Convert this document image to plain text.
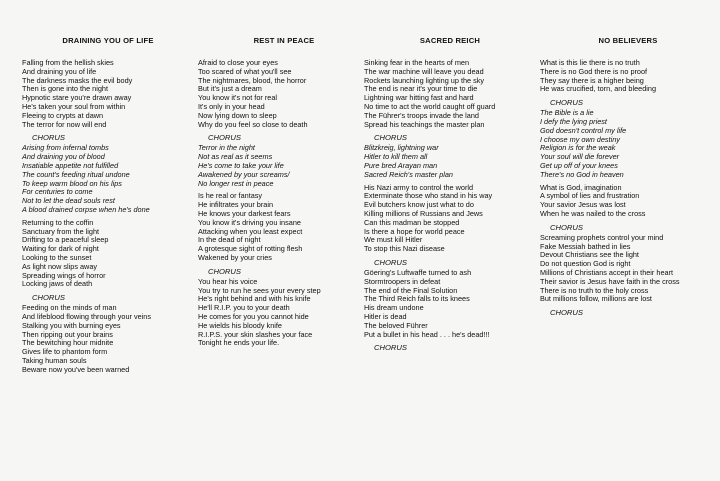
DRAINING YOU OF LIFE
Falling from the hellish skies
And draining you of life
The darkness masks the evil body
Then is gone into the night
Hypnotic stare you're drawn away
He's taken your soul from within
Fleeing to crypts at dawn
The terror for now will end
CHORUS
Arising from infernal tombs
And draining you of blood
Insatiable appetite not fulfilled
The count's feeding ritual undone
To keep warm blood on his lips
For centuries to come
Not to let the dead souls rest
A blood drained corpse when he's done
Returning to the coffin
Sanctuary from the light
Drifting to a peaceful sleep
Waiting for dark of night
Looking to the sunset
As light now slips away
Spreading wings of horror
Locking jaws of death
CHORUS
Feeding on the minds of man
And lifeblood flowing through your veins
Stalking you with burning eyes
Then ripping out your brains
The bewitching hour midnite
Gives life to phantom form
Taking human souls
Beware now you've been warned
REST IN PEACE
Afraid to close your eyes
Too scared of what you'll see
The nightmares, blood, the horror
But it's just a dream
You know it's not for real
It's only in your head
Now lying down to sleep
Why do you feel so close to death
CHORUS
Terror in the night
Not as real as it seems
He's come to take your life
Awakened by your screams/
No longer rest in peace
Is he real or fantasy
He infiltrates your brain
He knows your darkest fears
You know it's driving you insane
Attacking when you least expect
In the dead of night
A grotesque sight of rotting flesh
Wakened by your cries
CHORUS
You hear his voice
You try to run he sees your every step
He's right behind and with his knife
He'll R.I.P. you to your death
He comes for you you cannot hide
He wields his bloody knife
R.I.P.S. your skin slashes your face
Tonight he ends your life.
SACRED REICH
Sinking fear in the hearts of men
The war machine will leave you dead
Rockets launching lighting up the sky
The end is near it's your time to die
Lightning war hitting fast and hard
No time to act the world caught off guard
The Führer's troops invade the land
Spread his teachings the master plan
CHORUS
Blitzkreig, lightning war
Hitler to kill them all
Pure bred Arayan man
Sacred Reich's master plan
His Nazi army to control the world
Exterminate those who stand in his way
Evil butchers know just what to do
Killing millions of Russians and Jews
Can this madman be stopped
Is there a hope for world peace
We must kill Hitler
To stop this Nazi disease
CHORUS
Göering's Luftwaffe turned to ash
Stormtroopers in defeat
The end of the Final Solution
The Third Reich falls to its knees
His dream undone
Hitler is dead
The beloved Führer
Put a bullet in his head . . . he's dead!!!
CHORUS
NO BELIEVERS
What is this lie there is no truth
There is no God there is no proof
They say there is a higher being
He was crucified, torn, and bleeding
CHORUS
The Bible is a lie
I defy the lying priest
God doesn't control my life
I choose my own destiny
Religion is for the weak
Your soul will die forever
Get up off of your knees
There's no God in heaven
What is God, imagination
A symbol of lies and frustration
Your savior Jesus was lost
When he was nailed to the cross
CHORUS
Screaming prophets control your mind
Fake Messiah bathed in lies
Devout Christians see the light
Do not question God is right
Millions of Christians accept in their heart
Their savior is Jesus have faith in the cross
There is no truth to the holy cross
But millions follow, millions are lost
CHORUS
